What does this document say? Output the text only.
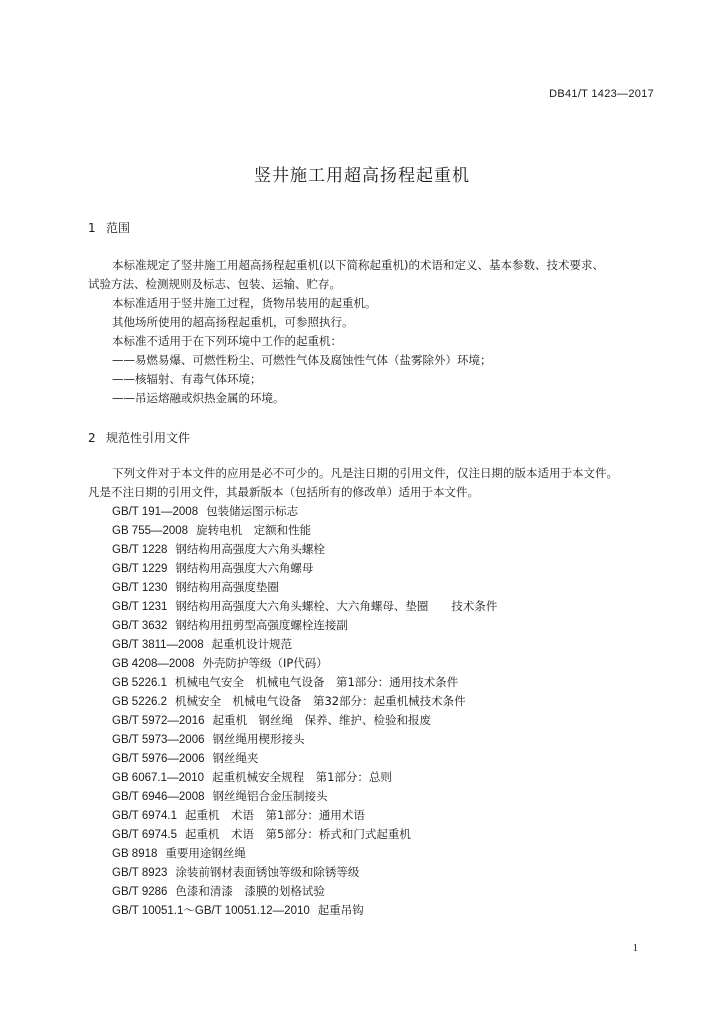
DB41/T 1423—2017
竖井施工用超高扬程起重机
1 范围
本标准规定了竖井施工用超高扬程起重机(以下简称起重机)的术语和定义、基本参数、技术要求、
试验方法、检测规则及标志、包装、运输、贮存。
本标准适用于竖井施工过程，货物吊装用的起重机。
其他场所使用的超高扬程起重机，可参照执行。
本标准不适用于在下列环境中工作的起重机：
——易燃易爆、可燃性粉尘、可燃性气体及腐蚀性气体（盐雾除外）环境；
——核辐射、有毒气体环境；
——吊运熔融或炽热金属的环境。
2 规范性引用文件
下列文件对于本文件的应用是必不可少的。凡是注日期的引用文件，仅注日期的版本适用于本文件。
凡是不注日期的引用文件，其最新版本（包括所有的修改单）适用于本文件。
GB/T 191—2008 包装储运图示标志
GB 755—2008 旋转电机　定额和性能
GB/T 1228 钢结构用高强度大六角头螺栓
GB/T 1229 钢结构用高强度大六角螺母
GB/T 1230 钢结构用高强度垫圈
GB/T 1231 钢结构用高强度大六角头螺栓、大六角螺母、垫圈　　技术条件
GB/T 3632 钢结构用扭剪型高强度螺栓连接副
GB/T 3811—2008 起重机设计规范
GB 4208—2008 外壳防护等级（IP代码）
GB 5226.1 机械电气安全　机械电气设备　第1部分：通用技术条件
GB 5226.2 机械安全　机械电气设备　第32部分：起重机械技术条件
GB/T 5972—2016 起重机　钢丝绳　保养、维护、检验和报废
GB/T 5973—2006 钢丝绳用楔形接头
GB/T 5976—2006 钢丝绳夹
GB 6067.1—2010 起重机械安全规程　第1部分：总则
GB/T 6946—2008 钢丝绳铝合金压制接头
GB/T 6974.1 起重机　术语　第1部分：通用术语
GB/T 6974.5 起重机　术语　第5部分：桥式和门式起重机
GB 8918 重要用途钢丝绳
GB/T 8923 涂装前钢材表面锈蚀等级和除锈等级
GB/T 9286 色漆和清漆　漆膜的划格试验
GB/T 10051.1～GB/T 10051.12—2010 起重吊钩
1
